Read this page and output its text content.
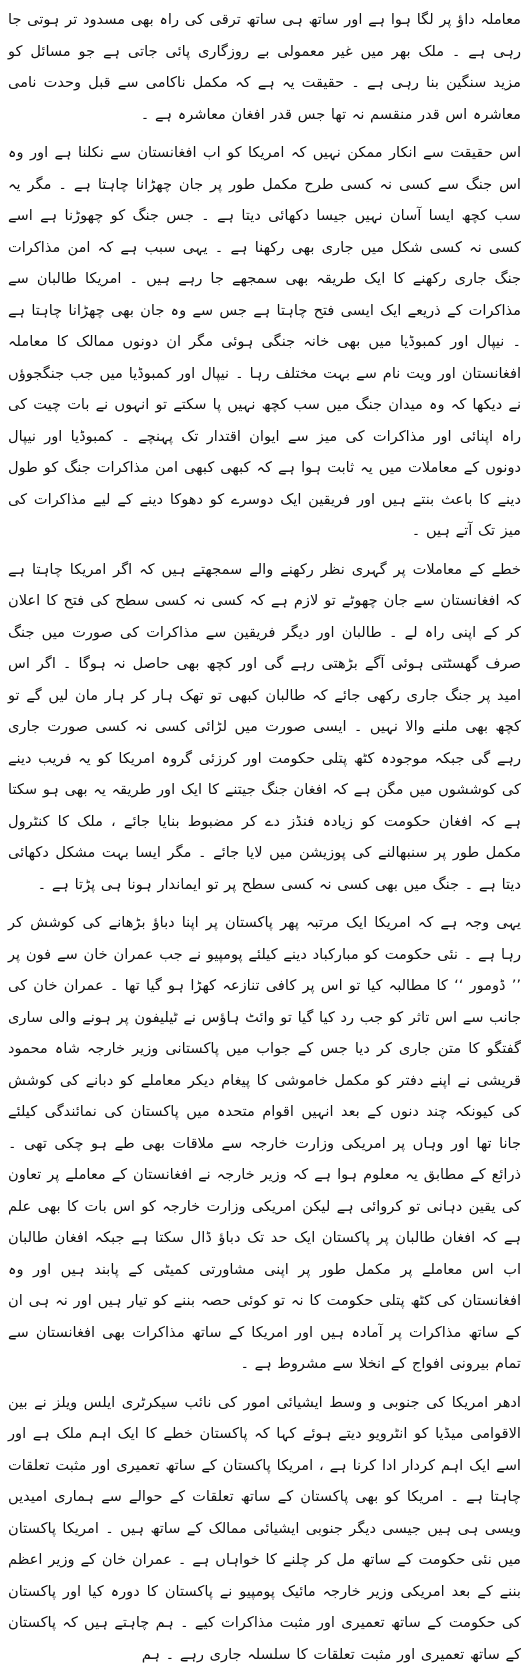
معاملہ داؤ پر لگا ہوا ہے اور ساتھ ہی ساتھ ترقی کی راہ بھی مسدود تر ہوتی جا رہی ہے ۔ ملک بھر میں غیر معمولی بے روزگاری پائی جاتی ہے جو مسائل کو مزید سنگین بنا رہی ہے ۔ حقیقت یہ ہے کہ مکمل ناکامی سے قبل وحدت نامی معاشرہ اس قدر منقسم نہ تھا جس قدر افغان معاشرہ ہے ۔

اس حقیقت سے انکار ممکن نہیں کہ امریکا کو اب افغانستان سے نکلنا ہے اور وہ اس جنگ سے کسی نہ کسی طرح مکمل طور پر جان چھڑانا چاہتا ہے ۔ مگر یہ سب کچھ ایسا آسان نہیں جیسا دکھائی دیتا ہے ۔ جس جنگ کو چھوڑنا ہے اسے کسی نہ کسی شکل میں جاری بھی رکھنا ہے ۔ یہی سبب ہے کہ امن مذاکرات جنگ جاری رکھنے کا ایک طریقہ بھی سمجھے جا رہے ہیں ۔ امریکا طالبان سے مذاکرات کے ذریعے ایک ایسی فتح چاہتا ہے جس سے وہ جان بھی چھڑانا چاہتا ہے ۔ نیپال اور کمبوڈیا میں بھی خانہ جنگی ہوئی مگر ان دونوں ممالک کا معاملہ افغانستان اور ویت نام سے بہت مختلف رہا ۔ نیپال اور کمبوڈیا میں جب جنگجوؤں نے دیکھا کہ وہ میدان جنگ میں سب کچھ نہیں پا سکتے تو انہوں نے بات چیت کی راہ اپنائی اور مذاکرات کی میز سے ایوان اقتدار تک پہنچے ۔ کمبوڈیا اور نیپال دونوں کے معاملات میں یہ ثابت ہوا ہے کہ کبھی کبھی امن مذاکرات جنگ کو طول دینے کا باعث بنتے ہیں اور فریقین ایک دوسرے کو دھوکا دینے کے لیے مذاکرات کی میز تک آتے ہیں ۔

خطے کے معاملات پر گہری نظر رکھنے والے سمجھتے ہیں کہ اگر امریکا چاہتا ہے کہ افغانستان سے جان چھوٹے تو لازم ہے کہ کسی نہ کسی سطح کی فتح کا اعلان کر کے اپنی راہ لے ۔ طالبان اور دیگر فریقین سے مذاکرات کی صورت میں جنگ صرف گھسٹتی ہوئی آگے بڑھتی رہے گی اور کچھ بھی حاصل نہ ہوگا ۔ اگر اس امید پر جنگ جاری رکھی جائے کہ طالبان کبھی تو تھک ہار کر ہار مان لیں گے تو کچھ بھی ملنے والا نہیں ۔ ایسی صورت میں لڑائی کسی نہ کسی صورت جاری رہے گی جبکہ موجودہ کٹھ پتلی حکومت اور کرزئی گروہ امریکا کو یہ فریب دینے کی کوششوں میں مگن ہے کہ افغان جنگ جیتنے کا ایک اور طریقہ یہ بھی ہو سکتا ہے کہ افغان حکومت کو زیادہ فنڈز دے کر مضبوط بنایا جائے ، ملک کا کنٹرول مکمل طور پر سنبھالنے کی پوزیشن میں لایا جائے ۔ مگر ایسا بہت مشکل دکھائی دیتا ہے ۔ جنگ میں بھی کسی نہ کسی سطح پر تو ایماندار ہونا ہی پڑتا ہے ۔

یہی وجہ ہے کہ امریکا ایک مرتبہ پھر پاکستان پر اپنا دباؤ بڑھانے کی کوشش کر رہا ہے ۔ نئی حکومت کو مبارکباد دینے کیلئے پومپیو نے جب عمران خان سے فون پر ’’ ڈومور ‘‘ کا مطالبہ کیا تو اس پر کافی تنازعہ کھڑا ہو گیا تھا ۔ عمران خان کی جانب سے اس تاثر کو جب رد کیا گیا تو وائٹ ہاؤس نے ٹیلیفون پر ہونے والی ساری گفتگو کا متن جاری کر دیا جس کے جواب میں پاکستانی وزیر خارجہ شاہ محمود قریشی نے اپنے دفتر کو مکمل خاموشی کا پیغام دیکر معاملے کو دبانے کی کوشش کی کیونکہ چند دنوں کے بعد انہیں اقوام متحدہ میں پاکستان کی نمائندگی کیلئے جانا تھا اور وہاں پر امریکی وزارت خارجہ سے ملاقات بھی طے ہو چکی تھی ۔ ذرائع کے مطابق یہ معلوم ہوا ہے کہ وزیر خارجہ نے افغانستان کے معاملے پر تعاون کی یقین دہانی تو کروائی ہے لیکن امریکی وزارت خارجہ کو اس بات کا بھی علم ہے کہ افغان طالبان پر پاکستان ایک حد تک دباؤ ڈال سکتا ہے جبکہ افغان طالبان اب اس معاملے پر مکمل طور پر اپنی مشاورتی کمیٹی کے پابند ہیں اور وہ افغانستان کی کٹھ پتلی حکومت کا نہ تو کوئی حصہ بننے کو تیار ہیں اور نہ ہی ان کے ساتھ مذاکرات پر آمادہ ہیں اور امریکا کے ساتھ مذاکرات بھی افغانستان سے تمام بیرونی افواج کے انخلا سے مشروط ہے ۔

ادھر امریکا کی جنوبی و وسط ایشیائی امور کی نائب سیکرٹری ایلس ویلز نے بین الاقوامی میڈیا کو انٹرویو دیتے ہوئے کہا کہ پاکستان خطے کا ایک اہم ملک ہے اور اسے ایک اہم کردار ادا کرنا ہے ، امریکا پاکستان کے ساتھ تعمیری اور مثبت تعلقات چاہتا ہے ۔ امریکا کو بھی پاکستان کے ساتھ تعلقات کے حوالے سے ہماری امیدیں ویسی ہی ہیں جیسی دیگر جنوبی ایشیائی ممالک کے ساتھ ہیں ۔ امریکا پاکستان میں نئی حکومت کے ساتھ مل کر چلنے کا خواہاں ہے ۔ عمران خان کے وزیر اعظم بننے کے بعد امریکی وزیر خارجہ مائیک پومپیو نے پاکستان کا دورہ کیا اور پاکستان کی حکومت کے ساتھ تعمیری اور مثبت مذاکرات کیے ۔ ہم چاہتے ہیں کہ پاکستان کے ساتھ تعمیری اور مثبت تعلقات کا سلسلہ جاری رہے ۔ ہم
